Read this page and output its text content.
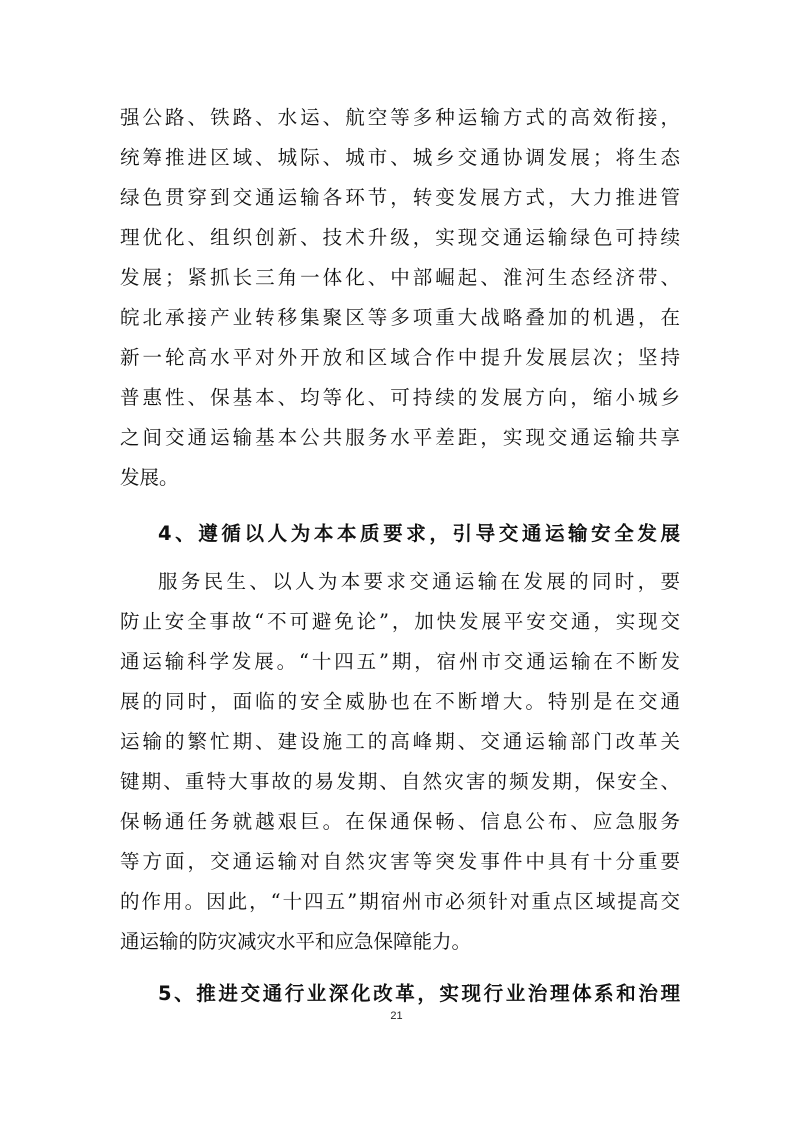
强公路、铁路、水运、航空等多种运输方式的高效衔接，
统筹推进区域、城际、城市、城乡交通协调发展；将生态
绿色贯穿到交通运输各环节，转变发展方式，大力推进管
理优化、组织创新、技术升级，实现交通运输绿色可持续
发展；紧抓长三角一体化、中部崛起、淮河生态经济带、
皖北承接产业转移集聚区等多项重大战略叠加的机遇，在
新一轮高水平对外开放和区域合作中提升发展层次；坚持
普惠性、保基本、均等化、可持续的发展方向，缩小城乡
之间交通运输基本公共服务水平差距，实现交通运输共享
发展。
4、遵循以人为本本质要求，引导交通运输安全发展
服务民生、以人为本要求交通运输在发展的同时，要
防止安全事故“不可避免论”，加快发展平安交通，实现交
通运输科学发展。“十四五”期，宿州市交通运输在不断发
展的同时，面临的安全威胁也在不断增大。特别是在交通
运输的繁忙期、建设施工的高峰期、交通运输部门改革关
键期、重特大事故的易发期、自然灾害的频发期，保安全、
保畅通任务就越艰巨。在保通保畅、信息公布、应急服务
等方面，交通运输对自然灾害等突发事件中具有十分重要
的作用。因此，“十四五”期宿州市必须针对重点区域提高交
通运输的防灾减灾水平和应急保障能力。
5、推进交通行业深化改革，实现行业治理体系和治理
21
